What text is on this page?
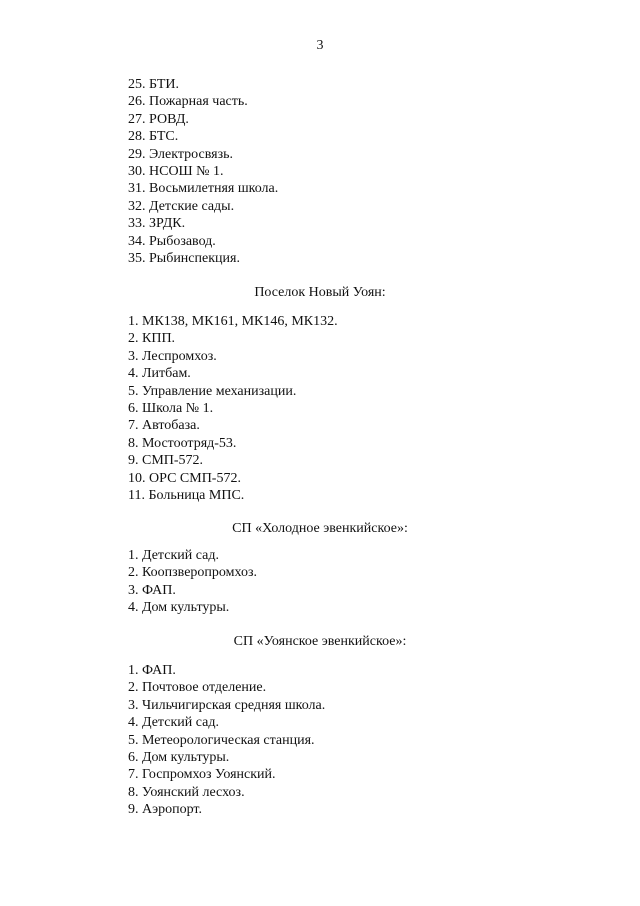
3
25. БТИ.
26. Пожарная часть.
27. РОВД.
28. БТС.
29. Электросвязь.
30. НСОШ № 1.
31. Восьмилетняя школа.
32. Детские сады.
33. ЗРДК.
34. Рыбозавод.
35. Рыбинспекция.
Поселок Новый Уоян:
1. МК138, МК161, МК146, МК132.
2. КПП.
3. Леспромхоз.
4. Литбам.
5. Управление механизации.
6. Школа № 1.
7. Автобаза.
8. Мостоотряд-53.
9. СМП-572.
10. ОРС СМП-572.
11. Больница МПС.
СП «Холодное эвенкийское»:
1. Детский сад.
2. Коопзверопромхоз.
3. ФАП.
4. Дом культуры.
СП «Уоянское эвенкийское»:
1. ФАП.
2. Почтовое отделение.
3. Чильчигирская средняя школа.
4. Детский сад.
5. Метеорологическая станция.
6. Дом культуры.
7. Госпромхоз Уоянский.
8. Уоянский лесхоз.
9. Аэропорт.
